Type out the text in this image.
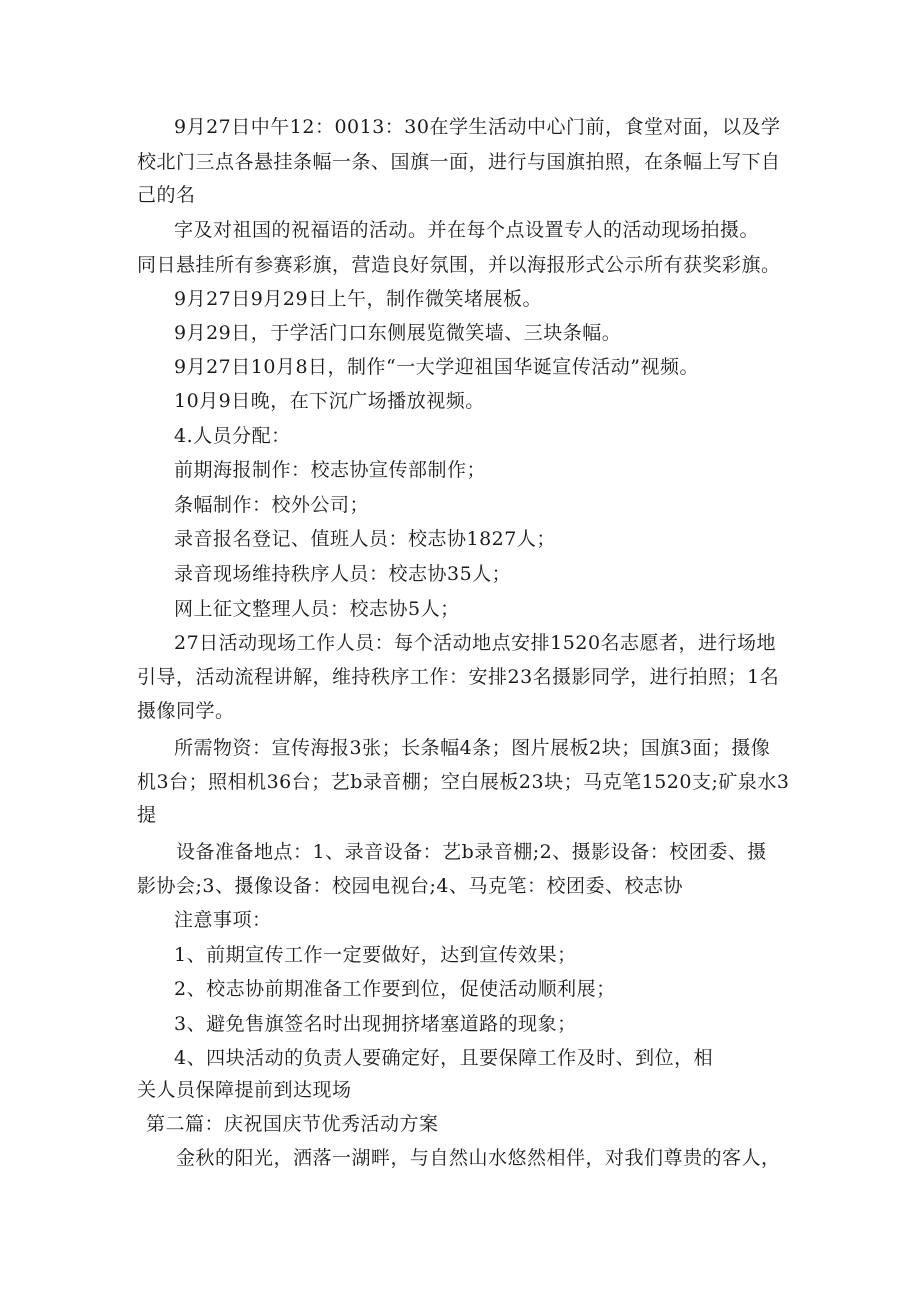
9月27日中午12：0013：30在学生活动中心门前，食堂对面，以及学
校北门三点各悬挂条幅一条、国旗一面，进行与国旗拍照，在条幅上写下自
己的名
字及对祖国的祝福语的活动。并在每个点设置专人的活动现场拍摄。
同日悬挂所有参赛彩旗，营造良好氛围，并以海报形式公示所有获奖彩旗。
9月27日9月29日上午，制作微笑堵展板。
9月29日，于学活门口东侧展览微笑墙、三块条幅。
9月27日10月8日，制作“一大学迎祖国华诞宣传活动”视频。
10月9日晚，在下沉广场播放视频。
4.人员分配：
前期海报制作：校志协宣传部制作；
条幅制作：校外公司；
录音报名登记、值班人员：校志协1827人；
录音现场维持秩序人员：校志协35人；
网上征文整理人员：校志协5人；
27日活动现场工作人员：每个活动地点安排1520名志愿者，进行场地
引导，活动流程讲解，维持秩序工作：安排23名摄影同学，进行拍照；1名
摄像同学。
所需物资：宣传海报3张；长条幅4条；图片展板2块；国旗3面；摄像
机3台；照相机36台；艺b录音棚；空白展板23块；马克笔1520支;矿泉水3
提
设备准备地点：1、录音设备：艺b录音棚;2、摄影设备：校团委、摄
影协会;3、摄像设备：校园电视台;4、马克笔：校团委、校志协
注意事项：
1、前期宣传工作一定要做好，达到宣传效果；
2、校志协前期准备工作要到位，促使活动顺利展；
3、避免售旗签名时出现拥挤堵塞道路的现象；
4、四块活动的负责人要确定好，且要保障工作及时、到位，相
关人员保障提前到达现场
第二篇：庆祝国庆节优秀活动方案
金秋的阳光，洒落一湖畔，与自然山水悠然相伴，对我们尊贵的客人，
